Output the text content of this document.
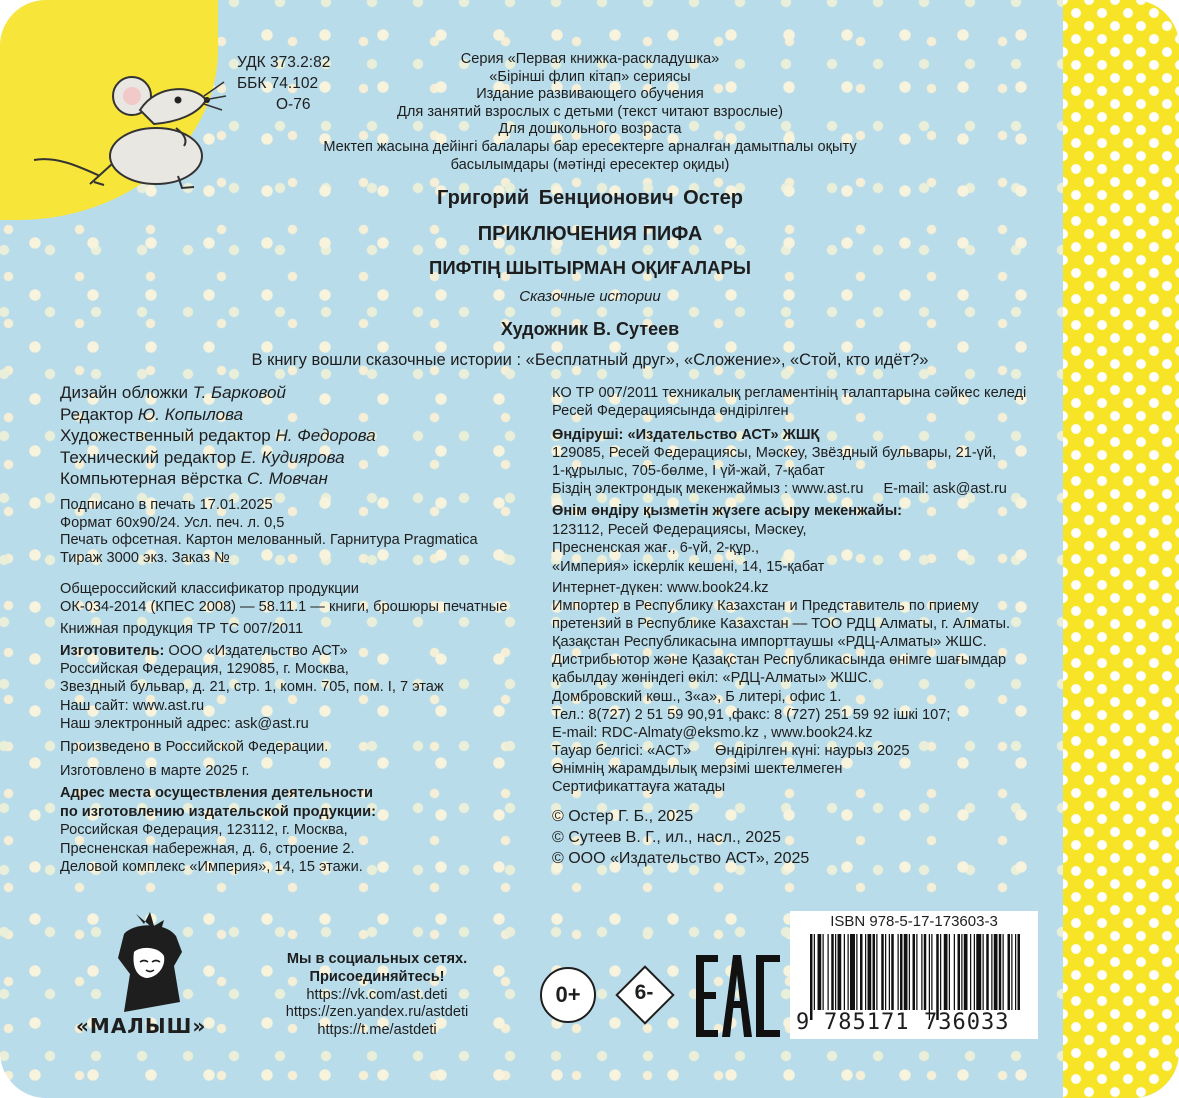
УДК 373.2:82

ББК 74.102

О-76

Серия «Первая книжка-раскладушка»
«Бірінші флип кітап» сериясы
Издание развивающего обучения
Для занятий взрослых с детьми (текст читают взрослые)
Для дошкольного возраста
Мектеп жасына дейінгі балалары бар ересектерге арналған дамытпалы оқыту
басылымдары (мәтінді ересектер оқиды)

Григорий Бенционович Остер

ПРИКЛЮЧЕНИЯ ПИФА

ПИФТІҢ ШЫТЫРМАН ОҚИҒАЛАРЫ

Сказочные истории

Художник В. Сутеев

В книгу вошли сказочные истории : «Бесплатный друг», «Сложение», «Стой, кто идёт?»

Дизайн обложки Т. Барковой
Редактор Ю. Копылова
Художественный редактор Н. Федорова
Технический редактор Е. Кудиярова
Компьютерная вёрстка С. Мовчан
Подписано в печать 17.01.2025
Формат 60x90/24. Усл. печ. л. 0,5
Печать офсетная. Картон мелованный. Гарнитура Pragmatica
Тираж 3000 экз. Заказ №
Общероссийский классификатор продукции
ОК-034-2014 (КПЕС 2008) — 58.11.1 — книги, брошюры печатные

Книжная продукция ТР ТС 007/2011

Изготовитель: ООО «Издательство АСТ»
Российская Федерация, 129085, г. Москва,
Звездный бульвар, д. 21, стр. 1, комн. 705, пом. I, 7 этаж
Наш сайт: www.ast.ru
Наш электронный адрес: ask@ast.ru

Произведено в Российской Федерации.

Изготовлено в марте 2025 г.

Адрес места осуществления деятельности
по изготовлению издательской продукции:
Российская Федерация, 123112, г. Москва,
Пресненская набережная, д. 6, строение 2.
Деловой комплекс «Империя», 14, 15 этажи.
КО ТР 007/2011 техникалық регламентінің талаптарына сәйкес келеді
Ресей Федерациясында өндірілген
Өндіруші: «Издательство АСТ» ЖШҚ
129085, Ресей Федерациясы, Мәскеу, Звёздный бульвары, 21-үй,
1-құрылыс, 705-бөлме, I үй-жай, 7-қабат
Біздің электрондық мекенжаймыз : www.ast.ru E-mail: ask@ast.ru
Өнім өндіру қызметін жүзеге асыру мекенжайы:
123112, Ресей Федерациясы, Мәскеу,
Пресненская жағ., 6-үй, 2-құр.,
«Империя» іскерлік кешені, 14, 15-қабат
Интернет-дүкен: www.book24.kz
Импортер в Республику Казахстан и Представитель по приему
претензий в Республике Казахстан — ТОО РДЦ Алматы, г. Алматы.
Қазақстан Республикасына импорттаушы «РДЦ-Алматы» ЖШС.
Дистрибьютор және Қазақстан Республикасында өнімге шағымдар
қабылдау жөніндегі өкіл: «РДЦ-Алматы» ЖШС.
Домбровский көш., 3«а», Б литері, офис 1.
Тел.: 8(727) 2 51 59 90,91 ,факс: 8 (727) 251 59 92 ішкі 107;
E-mail: RDC-Almaty@eksmo.kz , www.book24.kz
Тауар белгісі: «АСТ» Өндірілген күні: наурыз 2025
Өнімнің жарамдылық мерзімі шектелмеген
Сертификаттауға жатады
© Остер Г. Б., 2025
© Сутеев В. Г., ил., насл., 2025
© ООО «Издательство АСТ», 2025

«МАЛЫШ»

Мы в социальных сетях.
Присоединяйтесь!
https://vk.com/ast.deti
https://zen.yandex.ru/astdeti
https://t.me/astdeti
0+	6-
ISBN 978-5-17-173603-3
9 785171 736033
